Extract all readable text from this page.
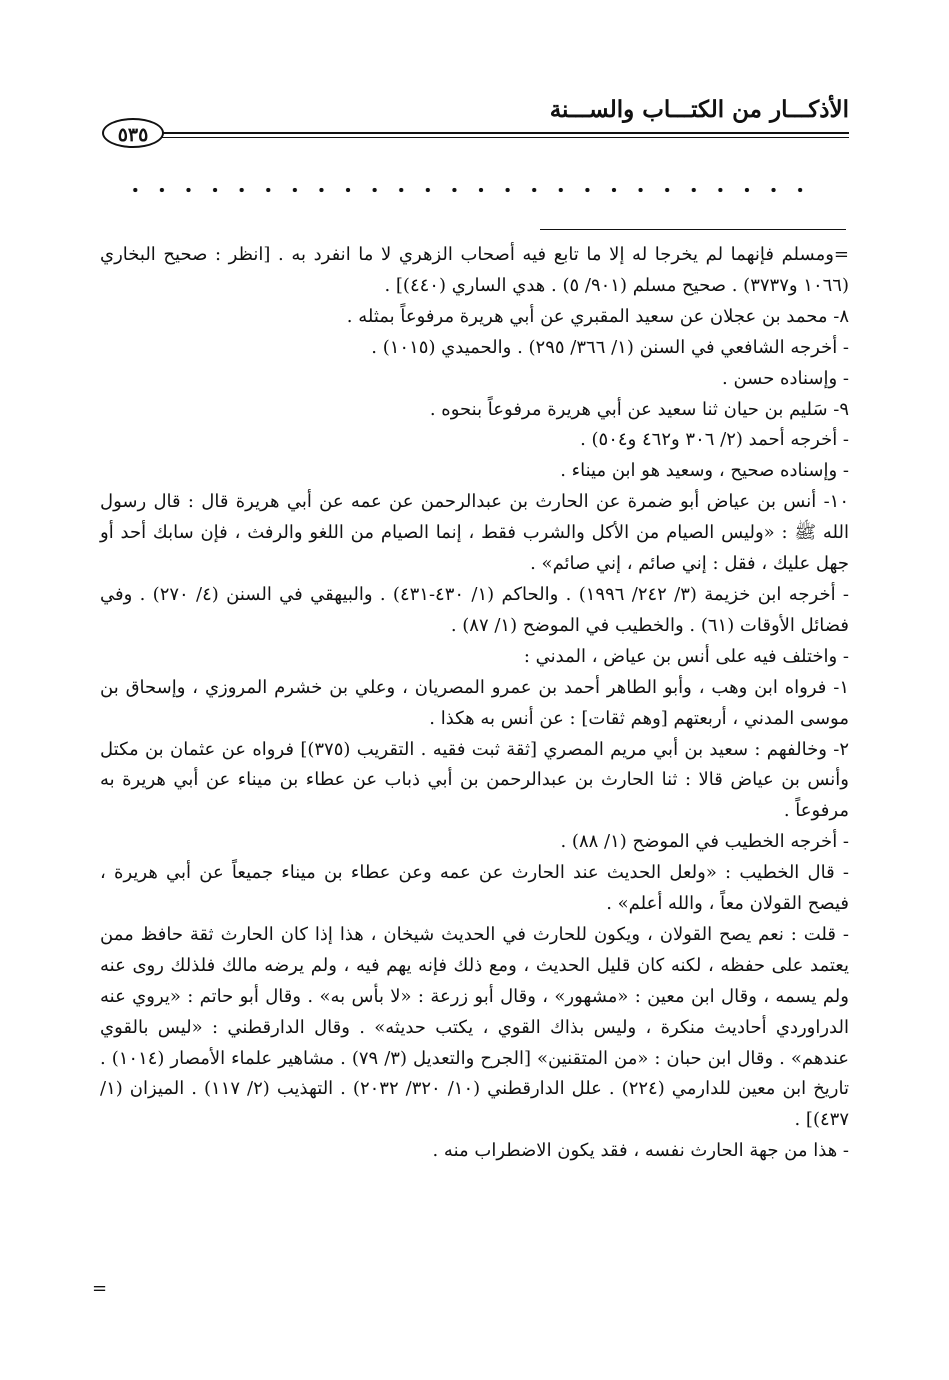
الأذكـــار من الكتـــاب والســـنة
٥٣٥

=ومسلم فإنهما لم يخرجا له إلا ما تابع فيه أصحاب الزهري لا ما انفرد به . [انظر : صحيح البخاري (١٠٦٦ و٣٧٣٧) . صحيح مسلم (٩٠١/ ٥) . هدي الساري (٤٤٠)] .

٨- محمد بن عجلان عن سعيد المقبري عن أبي هريرة مرفوعاً بمثله .

- أخرجه الشافعي في السنن (١/ ٣٦٦/ ٢٩٥) . والحميدي (١٠١٥) .

- وإسناده حسن .

٩- سَليم بن حيان ثنا سعيد عن أبي هريرة مرفوعاً بنحوه .

- أخرجه أحمد (٢/ ٣٠٦ و٤٦٢ و٥٠٤) .

- وإسناده صحيح ، وسعيد هو ابن ميناء .

١٠- أنس بن عياض أبو ضمرة عن الحارث بن عبدالرحمن عن عمه عن أبي هريرة قال : قال رسول الله ﷺ : «وليس الصيام من الأكل والشرب فقط ، إنما الصيام من اللغو والرفث ، فإن سابك أحد أو جهل عليك ، فقل : إني صائم ، إني صائم» .

- أخرجه ابن خزيمة (٣/ ٢٤٢/ ١٩٩٦) . والحاكم (١/ ٤٣٠-٤٣١) . والبيهقي في السنن (٤/ ٢٧٠) . وفي فضائل الأوقات (٦١) . والخطيب في الموضح (١/ ٨٧) .

- واختلف فيه على أنس بن عياض ، المدني :

١- فرواه ابن وهب ، وأبو الطاهر أحمد بن عمرو المصريان ، وعلي بن خشرم المروزي ، وإسحاق بن موسى المدني ، أربعتهم [وهم ثقات] : عن أنس به هكذا .

٢- وخالفهم : سعيد بن أبي مريم المصري [ثقة ثبت فقيه . التقريب (٣٧٥)] فرواه عن عثمان بن مكتل وأنس بن عياض قالا : ثنا الحارث بن عبدالرحمن بن أبي ذباب عن عطاء بن ميناء عن أبي هريرة به مرفوعاً .

- أخرجه الخطيب في الموضح (١/ ٨٨) .

- قال الخطيب : «ولعل الحديث عند الحارث عن عمه وعن عطاء بن ميناء جميعاً عن أبي هريرة ، فيصح القولان معاً ، والله أعلم» .

- قلت : نعم يصح القولان ، ويكون للحارث في الحديث شيخان ، هذا إذا كان الحارث ثقة حافظ ممن يعتمد على حفظه ، لكنه كان قليل الحديث ، ومع ذلك فإنه يهم فيه ، ولم يرضه مالك فلذلك روى عنه ولم يسمه ، وقال ابن معين : «مشهور» ، وقال أبو زرعة : «لا بأس به» . وقال أبو حاتم : «يروي عنه الدراوردي أحاديث منكرة ، وليس بذاك القوي ، يكتب حديثه» . وقال الدارقطني : «ليس بالقوي عندهم» . وقال ابن حبان : «من المتقنين» [الجرح والتعديل (٣/ ٧٩) . مشاهير علماء الأمصار (١٠١٤) . تاريخ ابن معين للدارمي (٢٢٤) . علل الدارقطني (١٠/ ٣٢٠/ ٢٠٣٢) . التهذيب (٢/ ١١٧) . الميزان (١/ ٤٣٧)] .

- هذا من جهة الحارث نفسه ، فقد يكون الاضطراب منه .

=
